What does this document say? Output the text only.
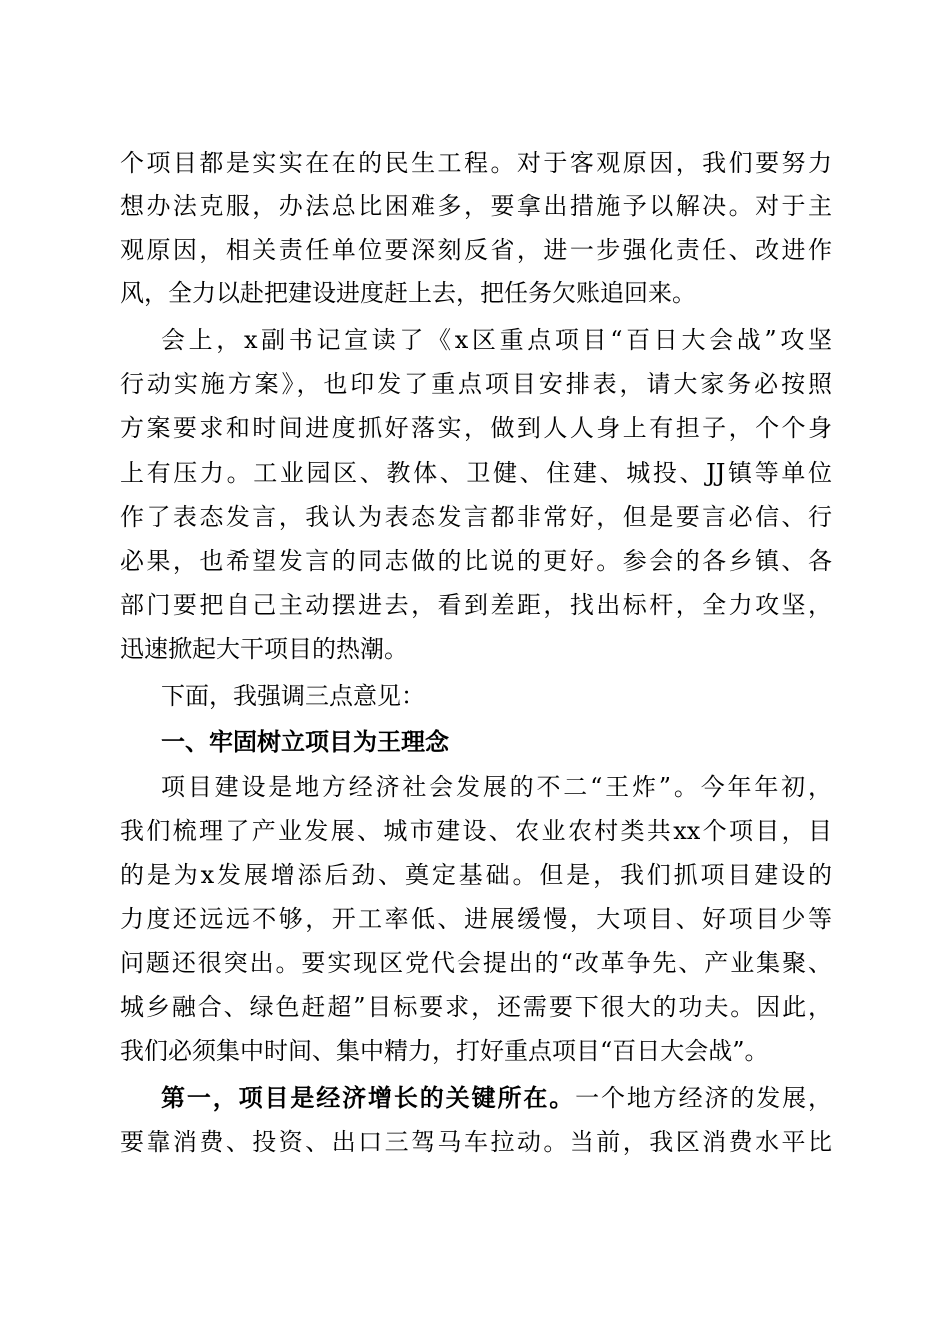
个项目都是实实在在的民生工程。对于客观原因，我们要努力
想办法克服，办法总比困难多，要拿出措施予以解决。对于主
观原因，相关责任单位要深刻反省，进一步强化责任、改进作
风，全力以赴把建设进度赶上去，把任务欠账追回来。
会上，x副书记宣读了《x区重点项目“百日大会战”攻坚
行动实施方案》，也印发了重点项目安排表，请大家务必按照
方案要求和时间进度抓好落实，做到人人身上有担子，个个身
上有压力。工业园区、教体、卫健、住建、城投、JJ镇等单位
作了表态发言，我认为表态发言都非常好，但是要言必信、行
必果，也希望发言的同志做的比说的更好。参会的各乡镇、各
部门要把自己主动摆进去，看到差距，找出标杆，全力攻坚，
迅速掀起大干项目的热潮。
下面，我强调三点意见：
一、牢固树立项目为王理念
项目建设是地方经济社会发展的不二“王炸”。今年年初，
我们梳理了产业发展、城市建设、农业农村类共xx个项目，目
的是为x发展增添后劲、奠定基础。但是，我们抓项目建设的
力度还远远不够，开工率低、进展缓慢，大项目、好项目少等
问题还很突出。要实现区党代会提出的“改革争先、产业集聚、
城乡融合、绿色赶超”目标要求，还需要下很大的功夫。因此，
我们必须集中时间、集中精力，打好重点项目“百日大会战”。
第一，项目是经济增长的关键所在。一个地方经济的发展，
要靠消费、投资、出口三驾马车拉动。当前，我区消费水平比
